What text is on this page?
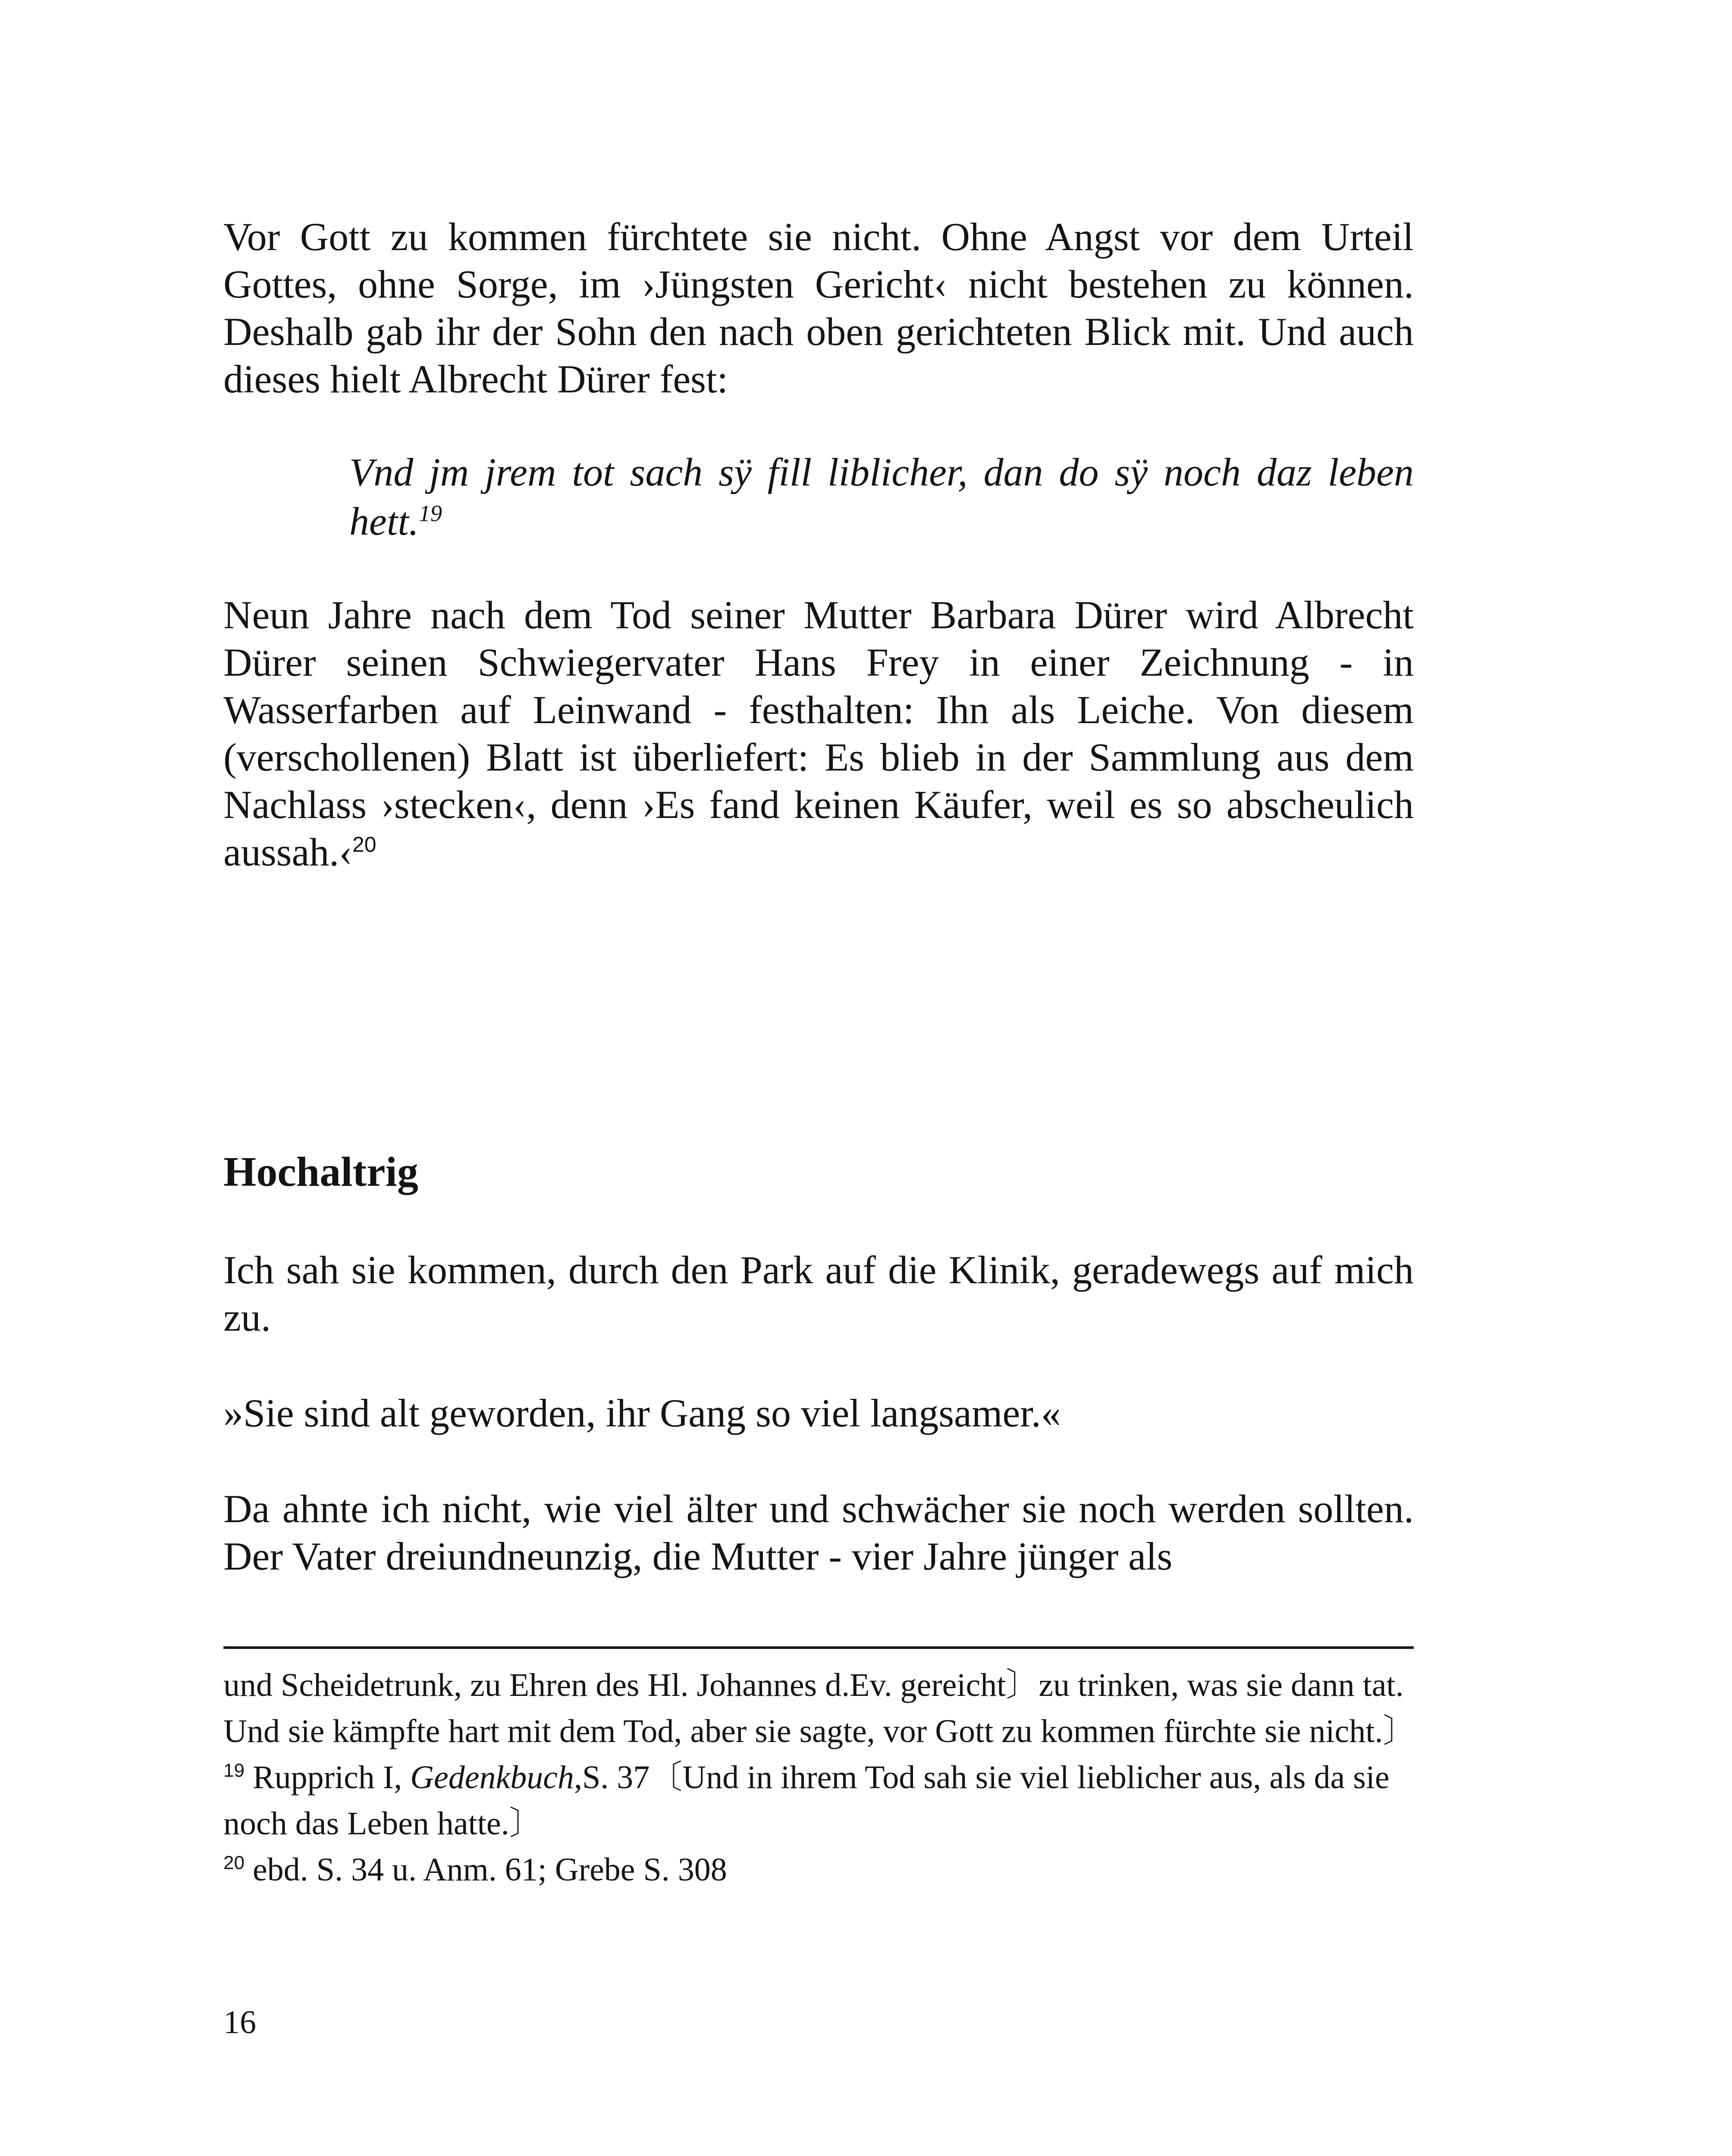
Vor Gott zu kommen fürchtete sie nicht. Ohne Angst vor dem Urteil Gottes, ohne Sorge, im ›Jüngsten Gericht‹ nicht bestehen zu können. Deshalb gab ihr der Sohn den nach oben gerichteten Blick mit. Und auch dieses hielt Albrecht Dürer fest:

Vnd jm jrem tot sach sÿ fill liblicher, dan do sÿ noch daz leben hett.$^{19}$

Neun Jahre nach dem Tod seiner Mutter Barbara Dürer wird Albrecht Dürer seinen Schwiegervater Hans Frey in einer Zeichnung - in Wasserfarben auf Leinwand - festhalten: Ihn als Leiche. Von diesem (verschollenen) Blatt ist überliefert: Es blieb in der Sammlung aus dem Nachlass ›stecken‹, denn ›Es fand keinen Käufer, weil es so abscheulich aussah.‹$^{20}$

Hochaltrig

Ich sah sie kommen, durch den Park auf die Klinik, geradewegs auf mich zu.

»Sie sind alt geworden, ihr Gang so viel langsamer.«

Da ahnte ich nicht, wie viel älter und schwächer sie noch werden sollten. Der Vater dreiundneunzig, die Mutter - vier Jahre jünger als

und Scheidetrunk, zu Ehren des Hl. Johannes d.Ev. gereicht〕zu trinken, was sie dann tat. Und sie kämpfte hart mit dem Tod, aber sie sagte, vor Gott zu kommen fürchte sie nicht.〕

$^{19}$ Rupprich I, Gedenkbuch,S. 37〔Und in ihrem Tod sah sie viel lieblicher aus, als da sie noch das Leben hatte.〕

$^{20}$ ebd. S. 34 u. Anm. 61; Grebe S. 308

16
